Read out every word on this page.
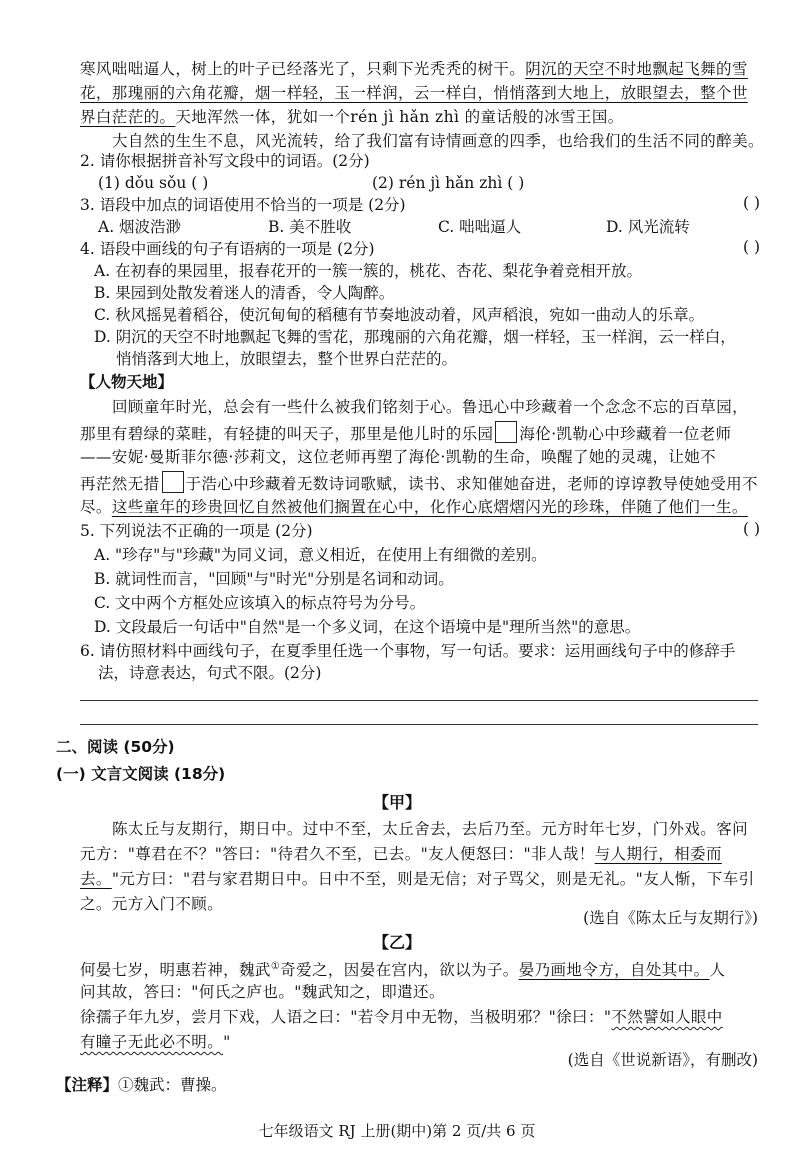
寒风咄咄逼人，树上的叶子已经落光了，只剩下光秃秃的树干。阴沉的天空不时地飘起飞舞的雪
花，那瑰丽的六角花瓣，烟一样轻，玉一样润，云一样白，悄悄落到大地上，放眼望去，整个世
界白茫茫的。天地浑然一体，犹如一个rén jì hǎn zhì 的童话般的冰雪王国。
大自然的生生不息，风光流转，给了我们富有诗情画意的四季，也给我们的生活不同的醉美。
2. 请你根据拼音补写文段中的词语。(2分)
(1) dǒu sǒu ( )	(2) rén jì hǎn zhì ( )
3. 语段中加点的词语使用不恰当的一项是 (2分)	( )
A. 烟波浩渺	B. 美不胜收	C. 咄咄逼人	D. 风光流转
4. 语段中画线的句子有语病的一项是 (2分)	( )
A. 在初春的果园里，报春花开的一簇一簇的，桃花、杏花、梨花争着竞相开放。
B. 果园到处散发着迷人的清香，令人陶醉。
C. 秋风摇晃着稻谷，使沉甸甸的稻穗有节奏地波动着，风声稻浪，宛如一曲动人的乐章。
D. 阴沉的天空不时地飘起飞舞的雪花，那瑰丽的六角花瓣，烟一样轻，玉一样润，云一样白，
悄悄落到大地上，放眼望去，整个世界白茫茫的。
【人物天地】
回顾童年时光，总会有一些什么被我们铭刻于心。鲁迅心中珍藏着一个念念不忘的百草园，
那里有碧绿的菜畦，有轻捷的叫天子，那里是他儿时的乐园 海伦·凯勒心中珍藏着一位老师
——安妮·曼斯菲尔德·莎莉文，这位老师再塑了海伦·凯勒的生命，唤醒了她的灵魂，让她不
再茫然无措 于浩心中珍藏着无数诗词歌赋，读书、求知催她奋进，老师的谆谆教导使她受用不
尽。这些童年的珍贵回忆自然被他们搁置在心中，化作心底熠熠闪光的珍珠，伴随了他们一生。
5. 下列说法不正确的一项是 (2分)	( )
A. "珍存"与"珍藏"为同义词，意义相近，在使用上有细微的差别。
B. 就词性而言，"回顾"与"时光"分别是名词和动词。
C. 文中两个方框处应该填入的标点符号为分号。
D. 文段最后一句话中"自然"是一个多义词，在这个语境中是"理所当然"的意思。
6. 请仿照材料中画线句子，在夏季里任选一个事物，写一句话。要求：运用画线句子中的修辞手
法，诗意表达，句式不限。(2分)
二、阅读 (50分)
(一) 文言文阅读 (18分)
【甲】
陈太丘与友期行，期日中。过中不至，太丘舍去，去后乃至。元方时年七岁，门外戏。客问
元方："尊君在不？"答曰："待君久不至，已去。"友人便怒曰："非人哉！与人期行，相委而
去。"元方曰："君与家君期日中。日中不至，则是无信；对子骂父，则是无礼。"友人惭，下车引
之。元方入门不顾。
(选自《陈太丘与友期行》)
【乙】
何晏七岁，明惠若神，魏武①奇爱之，因晏在宫内，欲以为子。晏乃画地令方，自处其中。人
问其故，答曰："何氏之庐也。"魏武知之，即遣还。
徐孺子年九岁，尝月下戏，人语之曰："若令月中无物，当极明邪？"徐曰："不然譬如人眼中
有瞳子无此必不明。"
(选自《世说新语》，有删改)
【注释】①魏武：曹操。
七年级语文 RJ 上册(期中)第 2 页/共 6 页
